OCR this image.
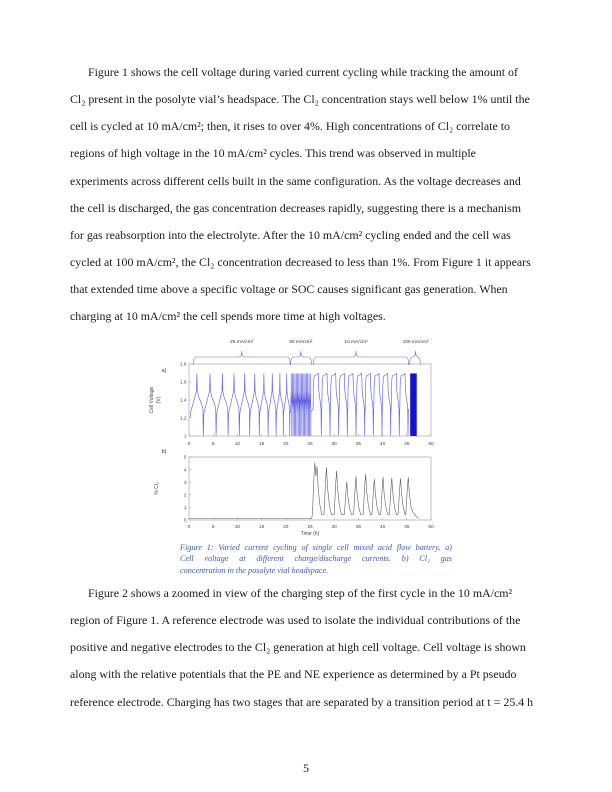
Figure 1 shows the cell voltage during varied current cycling while tracking the amount of
Cl₂ present in the posolyte vial’s headspace. The Cl₂ concentration stays well below 1% until the
cell is cycled at 10 mA/cm²; then, it rises to over 4%. High concentrations of Cl₂ correlate to
regions of high voltage in the 10 mA/cm² cycles. This trend was observed in multiple
experiments across different cells built in the same configuration. As the voltage decreases and
the cell is discharged, the gas concentration decreases rapidly, suggesting there is a mechanism
for gas reabsorption into the electrolyte. After the 10 mA/cm² cycling ended and the cell was
cycled at 100 mA/cm², the Cl₂ concentration decreased to less than 1%. From Figure 1 it appears
that extended time above a specific voltage or SOC causes significant gas generation. When
charging at 10 mA/cm² the cell spends more time at high voltages.
0
0
5
5
10
10
15
15
20
20
25
25
30
30
35
35
40
40
45
45
50
50
1
1.2
1.4
1.6
1.8
0
1
2
3
4
5
Cell Voltage (V)
% Cl₂
Time (h)
a)
b)
25 mA/cm²	50 mA/cm²	10 mA/cm²	100 mA/cm²
Figure 1: Varied current cycling of single cell mixed acid flow battery. a)
Cell voltage at different charge/discharge currents. b) Cl₂ gas
concentration in the posolyte vial headspace.
Figure 2 shows a zoomed in view of the charging step of the first cycle in the 10 mA/cm²
region of Figure 1. A reference electrode was used to isolate the individual contributions of the
positive and negative electrodes to the Cl₂ generation at high cell voltage. Cell voltage is shown
along with the relative potentials that the PE and NE experience as determined by a Pt pseudo
reference electrode. Charging has two stages that are separated by a transition period at t = 25.4 h
5
